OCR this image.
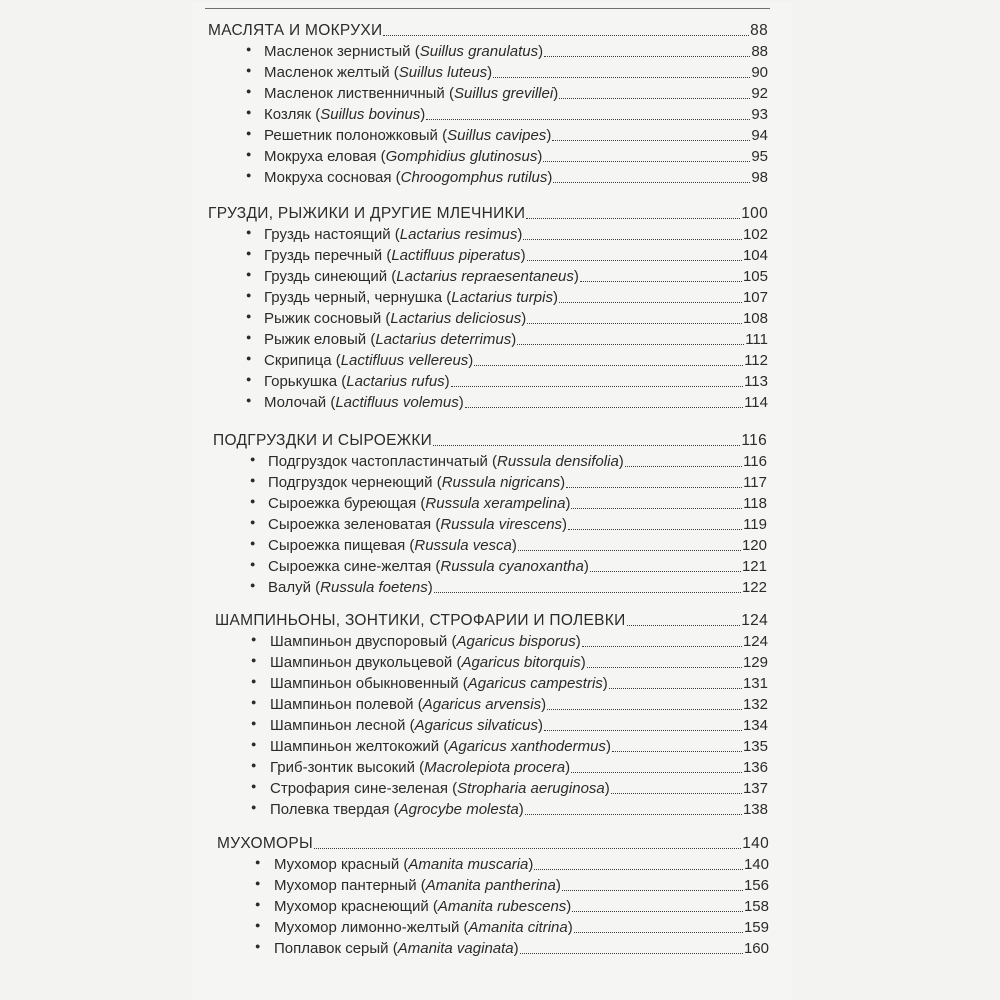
МАСЛЯТА И МОКРУХИ	88
● Масленок зернистый (Suillus granulatus)	88
● Масленок желтый (Suillus luteus)	90
● Масленок лиственничный (Suillus grevillei)	92
● Козляк (Suillus bovinus)	93
● Решетник полоножковый (Suillus cavipes)	94
● Мокруха еловая (Gomphidius glutinosus)	95
● Мокруха сосновая (Chroogomphus rutilus)	98
ГРУЗДИ, РЫЖИКИ И ДРУГИЕ МЛЕЧНИКИ	100
● Груздь настоящий (Lactarius resimus)	102
● Груздь перечный (Lactifluus piperatus)	104
● Груздь синеющий (Lactarius repraesentaneus)	105
● Груздь черный, чернушка (Lactarius turpis)	107
● Рыжик сосновый (Lactarius deliciosus)	108
● Рыжик еловый (Lactarius deterrimus)	111
● Скрипица (Lactifluus vellereus)	112
● Горькушка (Lactarius rufus)	113
● Молочай (Lactifluus volemus)	114
ПОДГРУЗДКИ И СЫРОЕЖКИ	116
● Подгруздок частопластинчатый (Russula densifolia)	116
● Подгруздок чернеющий (Russula nigricans)	117
● Сыроежка буреющая (Russula xerampelina)	118
● Сыроежка зеленоватая (Russula virescens)	119
● Сыроежка пищевая (Russula vesca)	120
● Сыроежка сине-желтая (Russula cyanoxantha)	121
● Валуй (Russula foetens)	122
ШАМПИНЬОНЫ, ЗОНТИКИ, СТРОФАРИИ И ПОЛЕВКИ	124
● Шампиньон двуспоровый (Agaricus bisporus)	124
● Шампиньон двукольцевой (Agaricus bitorquis)	129
● Шампиньон обыкновенный (Agaricus campestris)	131
● Шампиньон полевой (Agaricus arvensis)	132
● Шампиньон лесной (Agaricus silvaticus)	134
● Шампиньон желтокожий (Agaricus xanthodermus)	135
● Гриб-зонтик высокий (Macrolepiota procera)	136
● Строфария сине-зеленая (Stropharia aeruginosa)	137
● Полевка твердая (Agrocybe molesta)	138
МУХОМОРЫ	140
● Мухомор красный (Amanita muscaria)	140
● Мухомор пантерный (Amanita pantherina)	156
● Мухомор краснеющий (Amanita rubescens)	158
● Мухомор лимонно-желтый (Amanita citrina)	159
● Поплавок серый (Amanita vaginata)	160
